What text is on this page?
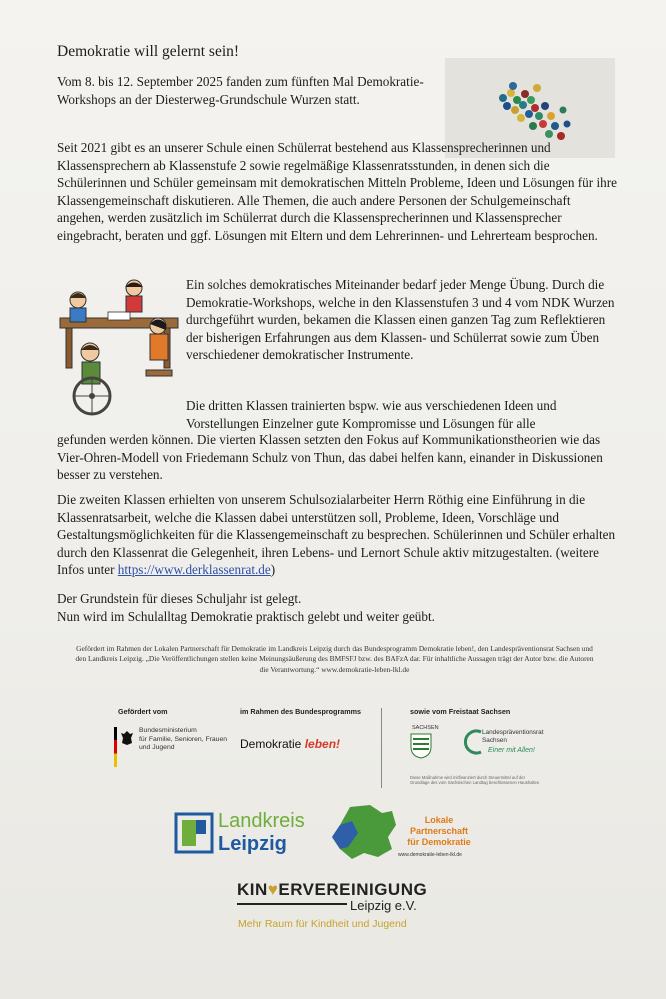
Demokratie will gelernt sein!

Vom 8. bis 12. September 2025 fanden zum fünften Mal Demokratie-Workshops an der Diesterweg-Grundschule Wurzen statt.

Seit 2021 gibt es an unserer Schule einen Schülerrat bestehend aus Klassensprecherinnen und Klassensprechern ab Klassenstufe 2 sowie regelmäßige Klassenratsstunden, in denen sich die Schülerinnen und Schüler gemeinsam mit demokratischen Mitteln Probleme, Ideen und Lösungen für ihre Klassengemeinschaft diskutieren. Alle Themen, die auch andere Personen der Schulgemeinschaft angehen, werden zusätzlich im Schülerrat durch die Klassensprecherinnen und Klassensprecher eingebracht, beraten und ggf. Lösungen mit Eltern und dem Lehrerinnen- und Lehrerteam besprochen.

Ein solches demokratisches Miteinander bedarf jeder Menge Übung. Durch die Demokratie-Workshops, welche in den Klassenstufen 3 und 4 vom NDK Wurzen durchgeführt wurden, bekamen die Klassen einen ganzen Tag zum Reflektieren der bisherigen Erfahrungen aus dem Klassen- und Schülerrat sowie zum Üben verschiedener demokratischer Instrumente.

Die dritten Klassen trainierten bspw. wie aus verschiedenen Ideen und Vorstellungen Einzelner gute Kompromisse und Lösungen für alle

gefunden werden können. Die vierten Klassen setzten den Fokus auf Kommunikationstheorien wie das Vier-Ohren-Modell von Friedemann Schulz von Thun, das dabei helfen kann, einander in Diskussionen besser zu verstehen.

Die zweiten Klassen erhielten von unserem Schulsozialarbeiter Herrn Röthig eine Einführung in die Klassenratsarbeit, welche die Klassen dabei unterstützen soll, Probleme, Ideen, Vorschläge und Gestaltungsmöglichkeiten für die Klassengemeinschaft zu besprechen. Schülerinnen und Schüler erhalten durch den Klassenrat die Gelegenheit, ihren Lebens- und Lernort Schule aktiv mitzugestalten. (weitere Infos unter https://www.derklassenrat.de)

Der Grundstein für dieses Schuljahr ist gelegt.
Nun wird im Schulalltag Demokratie praktisch gelebt und weiter geübt.

Gefördert im Rahmen der Lokalen Partnerschaft für Demokratie im Landkreis Leipzig durch das Bundesprogramm Demokratie leben!, den Landespräventionsrat Sachsen und den Landkreis Leipzig. „Die Veröffentlichungen stellen keine Meinungsäußerung des BMFSFJ bzw. des BAFzA dar. Für inhaltliche Aussagen trägt der Autor bzw. die Autoren die Verantwortung.“ www.demokratie-leben-lkl.de
Gefördert vom
Bundesministerium
für Familie, Senioren, Frauen
und Jugend
im Rahmen des Bundesprogramms
Demokratie leben!
sowie vom Freistaat Sachsen
SACHSEN
Landespräventionsrat
Sachsen
Einer mit Allen!
Diese Maßnahme wird mitfinanziert durch Steuermittel auf der Grundlage des vom Sächsischen Landtag beschlossenen Haushaltes
Landkreis
Leipzig
Lokale
Partnerschaft
für Demokratie
www.demokratie-leben-lkl.de
KIN♥ERVEREINIGUNG
Leipzig e.V.
Mehr Raum für Kindheit und Jugend
